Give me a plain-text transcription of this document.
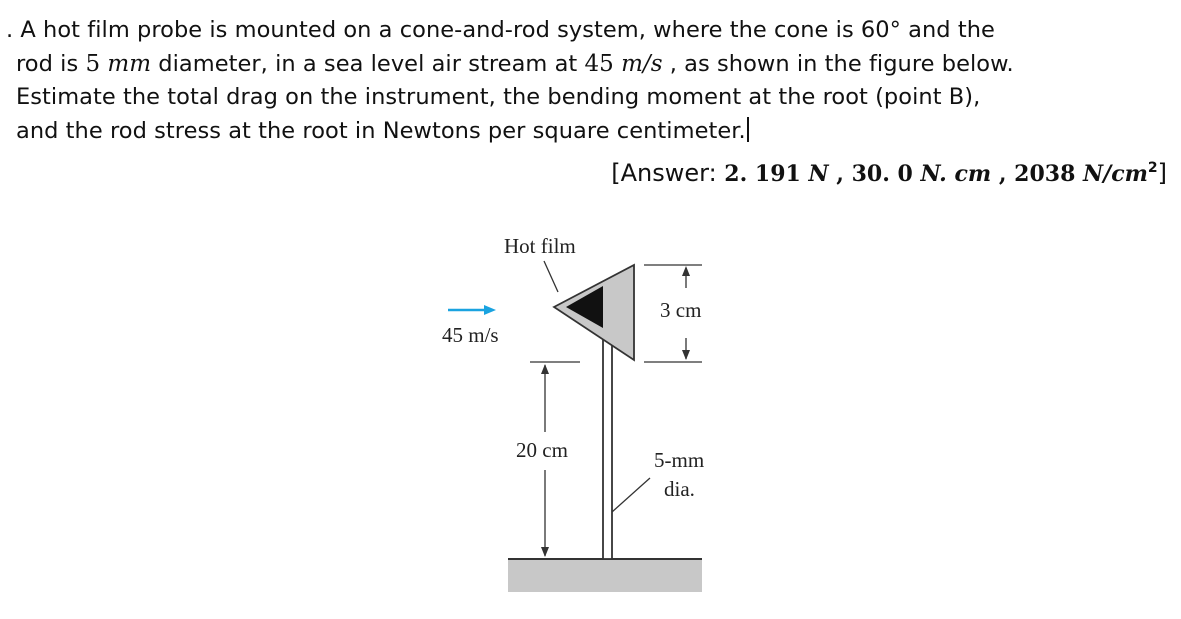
. A hot film probe is mounted on a cone-and-rod system, where the cone is 60° and the
rod is 5 mm diameter, in a sea level air stream at 45 m/s , as shown in the figure below.
Estimate the total drag on the instrument, the bending moment at the root (point B),
and the rod stress at the root in Newtons per square centimeter.
[Answer: 2. 191 N , 30. 0 N. cm , 2038 $N/cm^2$]
Hot film
45 m/s
3 cm
20 cm	5-mm
dia.
